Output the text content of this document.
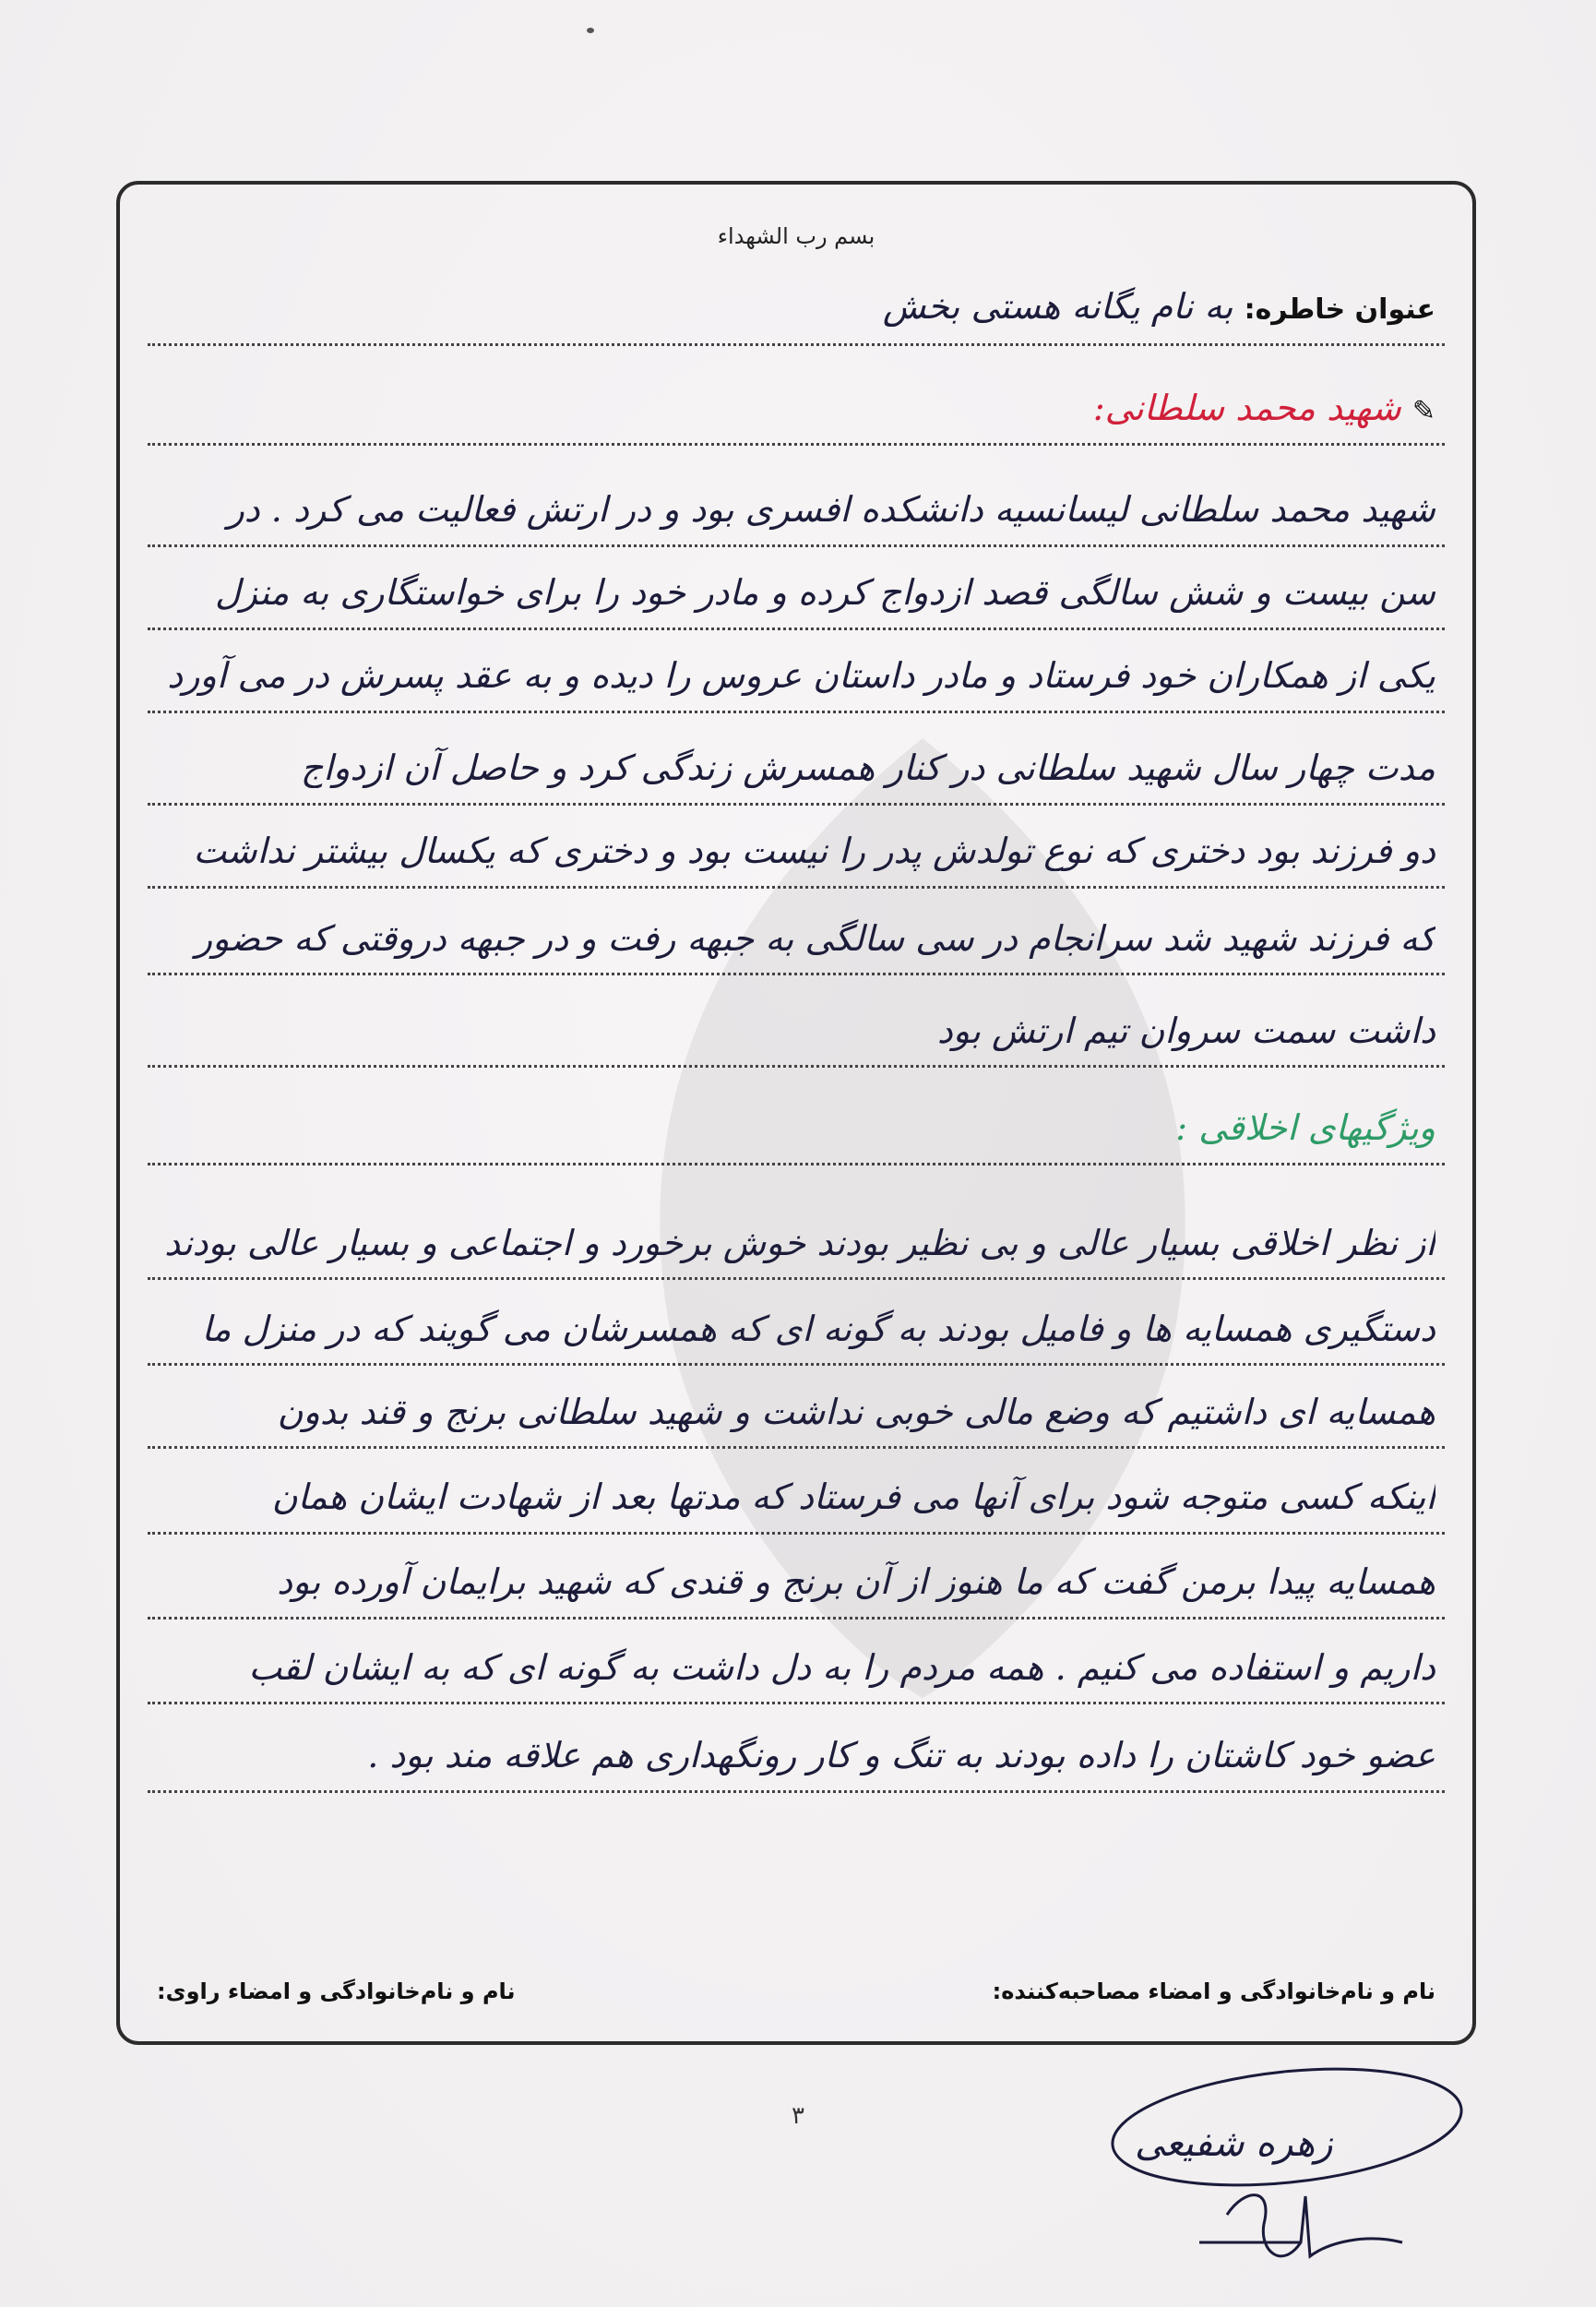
بسم رب الشهداء
عنوان خاطره: به نام یگانه هستی بخش
✎ شهید محمد سلطانی:
شهید محمد سلطانی لیسانسیه دانشکده افسری بود و در ارتش فعالیت می کرد . در
سن بیست و شش سالگی قصد ازدواج کرده و مادر خود را برای خواستگاری به منزل
یکی از همکاران خود فرستاد و مادر داستان عروس را دیده و به عقد پسرش در می آورد
مدت چهار سال شهید سلطانی در کنار همسرش زندگی کرد و حاصل آن ازدواج
دو فرزند بود دختری که نوع تولدش پدر را نیست بود و دختری که یکسال بیشتر نداشت
که فرزند شهید شد سرانجام در سی سالگی به جبهه رفت و در جبهه دروقتی که حضور
داشت سمت سروان تیم ارتش بود
ویژگیهای اخلاقی :
از نظر اخلاقی بسیار عالی و بی نظیر بودند خوش برخورد و اجتماعی و بسیار عالی بودند
دستگیری همسایه ها و فامیل بودند به گونه ای که همسرشان می گویند که در منزل ما
همسایه ای داشتیم که وضع مالی خوبی نداشت و شهید سلطانی برنج و قند بدون
اینکه کسی متوجه شود برای آنها می فرستاد که مدتها بعد از شهادت ایشان همان
همسایه پیدا برمن گفت که ما هنوز از آن برنج و قندی که شهید برایمان آورده بود
داریم و استفاده می کنیم . همه مردم را به دل داشت به گونه ای که به ایشان لقب
عضو خود کاشتان را داده بودند به تنگ و کار رونگهداری هم علاقه مند بود .
نام و نام‌خانوادگی و امضاء مصاحبه‌کننده:
نام و نام‌خانوادگی و امضاء راوی:
۳
زهره شفیعی
